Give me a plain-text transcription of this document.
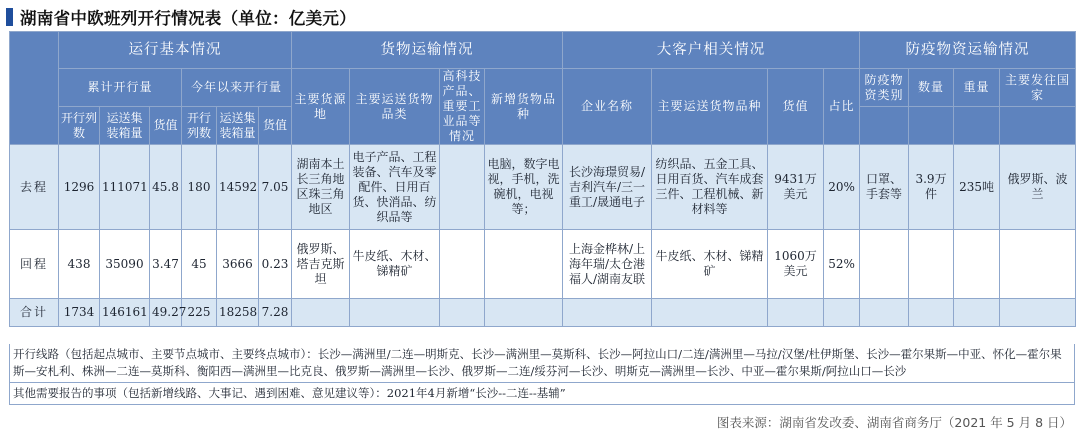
湖南省中欧班列开行情况表（单位：亿美元）
	运行基本情况						货物运输情况				大客户相关情况				防疫物资运输情况			
	累计开行量			今年以来开行量			主要货源地	主要运送货物品类	高科技产品、重要工业品等情况	新增货物品种	企业名称	主要运送货物品种	货值	占比	防疫物资类别	数量	重量	主要发往国家
	开行列数	运送集装箱量	货值	开行列数	运送集装箱量	货值												
去程	1296	111071	45.8	180	14592	7.05	湖南本土长三角地区珠三角地区	电子产品、工程装备、汽车及零配件、日用百货、快消品、纺织品等		电脑，数字电视，手机，洗碗机，电视等；	长沙海璟贸易/吉利汽车/三一重工/晟通电子	纺织品、五金工具、日用百货、汽车成套三件、工程机械、新材料等	9431万美元	20%	口罩、手套等	3.9万件	235吨	俄罗斯、波兰
回程	438	35090	3.47	45	3666	0.23	俄罗斯、塔吉克斯坦	牛皮纸、木材、锑精矿			上海金桦林/上海年瑞/太仓港福人/湖南友联	牛皮纸、木材、锑精矿	1060万美元	52%				
合计	1734	146161	49.27	225	18258	7.28												
开行线路（包括起点城市、主要节点城市、主要终点城市）：长沙—满洲里/二连—明斯克、长沙—满洲里—莫斯科、长沙—阿拉山口/二连/满洲里—马拉/汉堡/杜伊斯堡、长沙—霍尔果斯—中亚、怀化—霍尔果斯—安札利、株洲—二连—莫斯科、衡阳西—满洲里—比克良、俄罗斯—满洲里—长沙、俄罗斯—二连/绥芬河—长沙、明斯克—满洲里—长沙、中亚—霍尔果斯/阿拉山口—长沙
其他需要报告的事项（包括新增线路、大事记、遇到困难、意见建议等）：2021年4月新增“长沙--二连--基辅”
图表来源：湖南省发改委、湖南省商务厅（2021 年 5 月 8 日）
